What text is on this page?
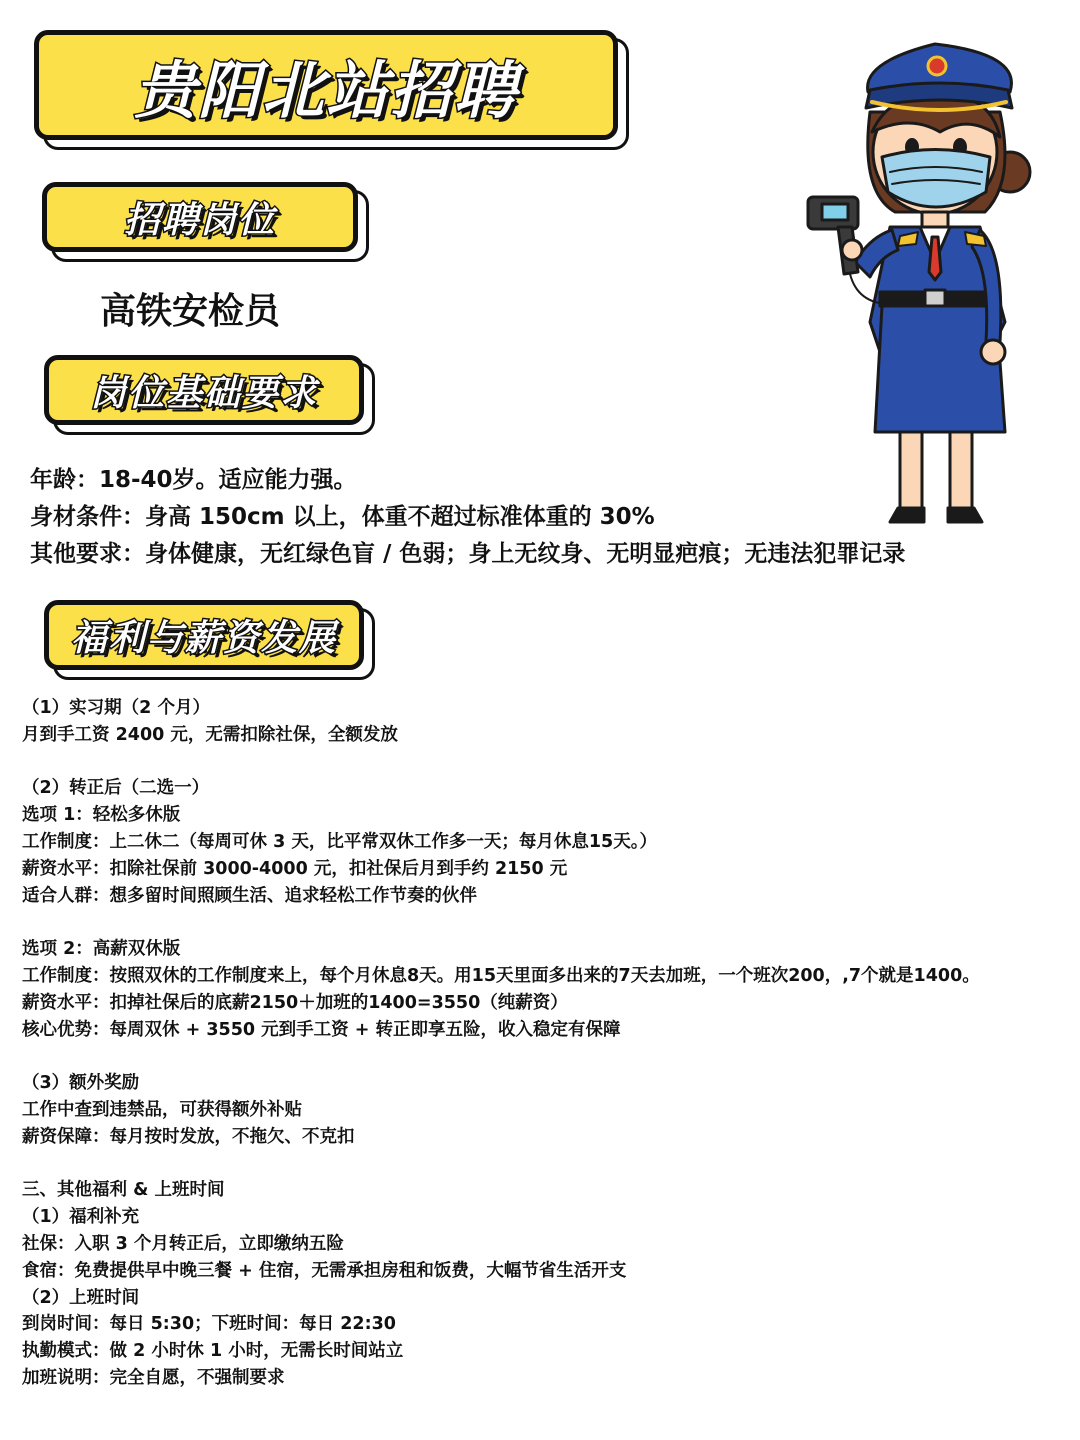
贵阳北站招聘
招聘岗位

高铁安检员

岗位基础要求
年龄：18-40岁。适应能力强。
身材条件：身高 150cm 以上，体重不超过标准体重的 30%
其他要求：身体健康，无红绿色盲 / 色弱；身上无纹身、无明显疤痕；无违法犯罪记录
福利与薪资发展
（1）实习期（2 个月）
月到手工资 2400 元，无需扣除社保，全额发放
（2）转正后（二选一）
选项 1：轻松多休版
工作制度：上二休二（每周可休 3 天，比平常双休工作多一天；每月休息15天。）
薪资水平：扣除社保前 3000-4000 元，扣社保后月到手约 2150 元
适合人群：想多留时间照顾生活、追求轻松工作节奏的伙伴
选项 2：高薪双休版
工作制度：按照双休的工作制度来上，每个月休息8天。用15天里面多出来的7天去加班，一个班次200，,7个就是1400。
薪资水平：扣掉社保后的底薪2150＋加班的1400=3550（纯薪资）
核心优势：每周双休 + 3550 元到手工资 + 转正即享五险，收入稳定有保障
（3）额外奖励
工作中查到违禁品，可获得额外补贴
薪资保障：每月按时发放，不拖欠、不克扣
三、其他福利 & 上班时间
（1）福利补充
社保：入职 3 个月转正后，立即缴纳五险
食宿：免费提供早中晚三餐 + 住宿，无需承担房租和饭费，大幅节省生活开支
（2）上班时间
到岗时间：每日 5:30；下班时间：每日 22:30
执勤模式：做 2 小时休 1 小时，无需长时间站立
加班说明：完全自愿，不强制要求
